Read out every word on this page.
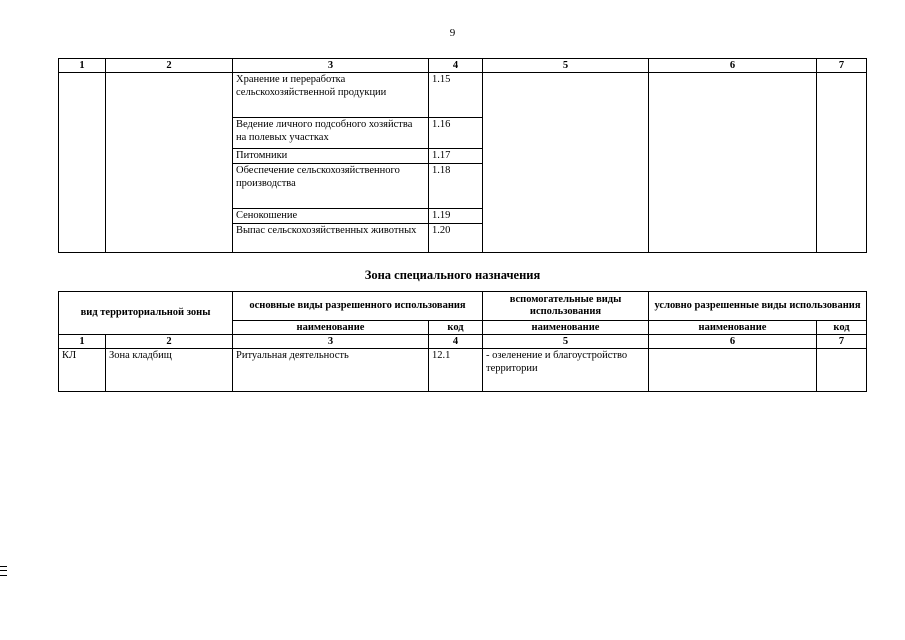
9
1	2	3	4	5	6	7
		Хранение и переработка сельскохозяйственной продукции	1.15			
		Ведение личного подсобного хозяйства на полевых участках	1.16			
		Питомники	1.17			
		Обеспечение сельскохозяйственного производства	1.18			
		Сенокошение	1.19			
		Выпас сельскохозяйственных животных	1.20			
Зона специального назначения
вид территориальной зоны		основные виды разрешенного использования		вспомогательные виды использования	условно разрешенные виды использования	
		наименование	код	наименование	наименование	код
1	2	3	4	5	6	7
КЛ	Зона кладбищ	Ритуальная деятельность	12.1	- озеленение и благоустройство территории		
